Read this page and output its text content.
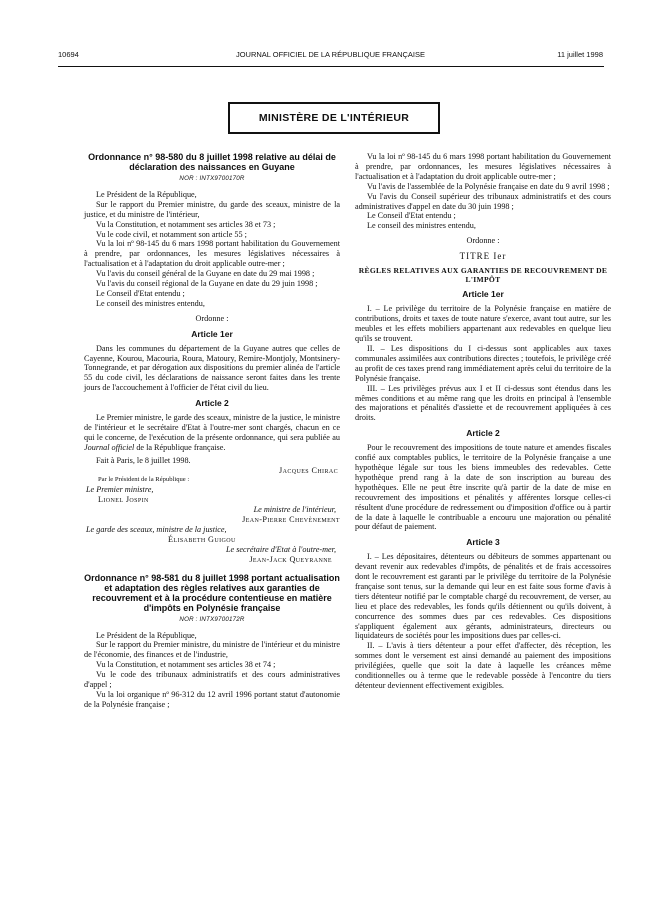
10694	JOURNAL OFFICIEL DE LA RÉPUBLIQUE FRANÇAISE	11 juillet 1998
MINISTÈRE DE L'INTÉRIEUR
Ordonnance n° 98-580 du 8 juillet 1998 relative au délai de déclaration des naissances en Guyane
NOR : INTX9700170R

Le Président de la République,

Sur le rapport du Premier ministre, du garde des sceaux, ministre de la justice, et du ministre de l'intérieur,

Vu la Constitution, et notamment ses articles 38 et 73 ;

Vu le code civil, et notamment son article 55 ;

Vu la loi nº 98-145 du 6 mars 1998 portant habilitation du Gouvernement à prendre, par ordonnances, les mesures législatives nécessaires à l'actualisation et à l'adaptation du droit applicable outre-mer ;

Vu l'avis du conseil général de la Guyane en date du 29 mai 1998 ;

Vu l'avis du conseil régional de la Guyane en date du 29 juin 1998 ;

Le Conseil d'Etat entendu ;

Le conseil des ministres entendu,

Ordonne :

Article 1er

Dans les communes du département de la Guyane autres que celles de Cayenne, Kourou, Macouria, Roura, Matoury, Remire-Montjoly, Montsinery-Tonnegrande, et par dérogation aux dispositions du premier alinéa de l'article 55 du code civil, les déclarations de naissance seront faites dans les trente jours de l'accouchement à l'officier de l'état civil du lieu.

Article 2

Le Premier ministre, le garde des sceaux, ministre de la justice, le ministre de l'intérieur et le secrétaire d'Etat à l'outre-mer sont chargés, chacun en ce qui le concerne, de l'exécution de la présente ordonnance, qui sera publiée au Journal officiel de la République française.

Fait à Paris, le 8 juillet 1998.

Jacques Chirac
Par le Président de la République :
Le Premier ministre,
Lionel Jospin
Le ministre de l'intérieur,
Jean-Pierre Chevènement
Le garde des sceaux, ministre de la justice,
Élisabeth Guigou
Le secrétaire d'Etat à l'outre-mer,
Jean-Jack Queyranne
Ordonnance n° 98-581 du 8 juillet 1998 portant actualisation et adaptation des règles relatives aux garanties de recouvrement et à la procédure contentieuse en matière d'impôts en Polynésie française
NOR : INTX9700172R

Le Président de la République,

Sur le rapport du Premier ministre, du ministre de l'intérieur et du ministre de l'économie, des finances et de l'industrie,

Vu la Constitution, et notamment ses articles 38 et 74 ;

Vu le code des tribunaux administratifs et des cours administratives d'appel ;

Vu la loi organique nº 96-312 du 12 avril 1996 portant statut d'autonomie de la Polynésie française ;

Vu la loi nº 98-145 du 6 mars 1998 portant habilitation du Gouvernement à prendre, par ordonnances, les mesures législatives nécessaires à l'actualisation et à l'adaptation du droit applicable outre-mer ;

Vu l'avis de l'assemblée de la Polynésie française en date du 9 avril 1998 ;

Vu l'avis du Conseil supérieur des tribunaux administratifs et des cours administratives d'appel en date du 30 juin 1998 ;

Le Conseil d'Etat entendu ;

Le conseil des ministres entendu,

Ordonne :

TITRE Ier
RÈGLES RELATIVES AUX GARANTIES DE RECOUVREMENT DE L'IMPÔT
Article 1er

I. – Le privilège du territoire de la Polynésie française en matière de contributions, droits et taxes de toute nature s'exerce, avant tout autre, sur les meubles et les effets mobiliers appartenant aux redevables en quelque lieu qu'ils se trouvent.

II. – Les dispositions du I ci-dessus sont applicables aux taxes communales assimilées aux contributions directes ; toutefois, le privilège créé au profit de ces taxes prend rang immédiatement après celui du territoire de la Polynésie française.

III. – Les privilèges prévus aux I et II ci-dessus sont étendus dans les mêmes conditions et au même rang que les droits en principal à l'ensemble des majorations et pénalités d'assiette et de recouvrement appliquées à ces droits.

Article 2

Pour le recouvrement des impositions de toute nature et amendes fiscales confié aux comptables publics, le territoire de la Polynésie française a une hypothèque légale sur tous les biens immeubles des redevables. Cette hypothèque prend rang à la date de son inscription au bureau des hypothèques. Elle ne peut être inscrite qu'à partir de la date de mise en recouvrement des impositions et pénalités y afférentes lorsque celles-ci résultent d'une procédure de redressement ou d'imposition d'office ou à partir de la date à laquelle le contribuable a encouru une majoration ou pénalité pour défaut de paiement.

Article 3

I. – Les dépositaires, détenteurs ou débiteurs de sommes appartenant ou devant revenir aux redevables d'impôts, de pénalités et de frais accessoires dont le recouvrement est garanti par le privilège du territoire de la Polynésie française sont tenus, sur la demande qui leur en est faite sous forme d'avis à tiers détenteur notifié par le comptable chargé du recouvrement, de verser, au lieu et place des redevables, les fonds qu'ils détiennent ou qu'ils doivent, à concurrence des sommes dues par ces redevables. Ces dispositions s'appliquent également aux gérants, administrateurs, directeurs ou liquidateurs de sociétés pour les impositions dues par celles-ci.

II. – L'avis à tiers détenteur a pour effet d'affecter, dès réception, les sommes dont le versement est ainsi demandé au paiement des impositions privilégiées, quelle que soit la date à laquelle les créances même conditionnelles ou à terme que le redevable possède à l'encontre du tiers détenteur deviennent effectivement exigibles.
